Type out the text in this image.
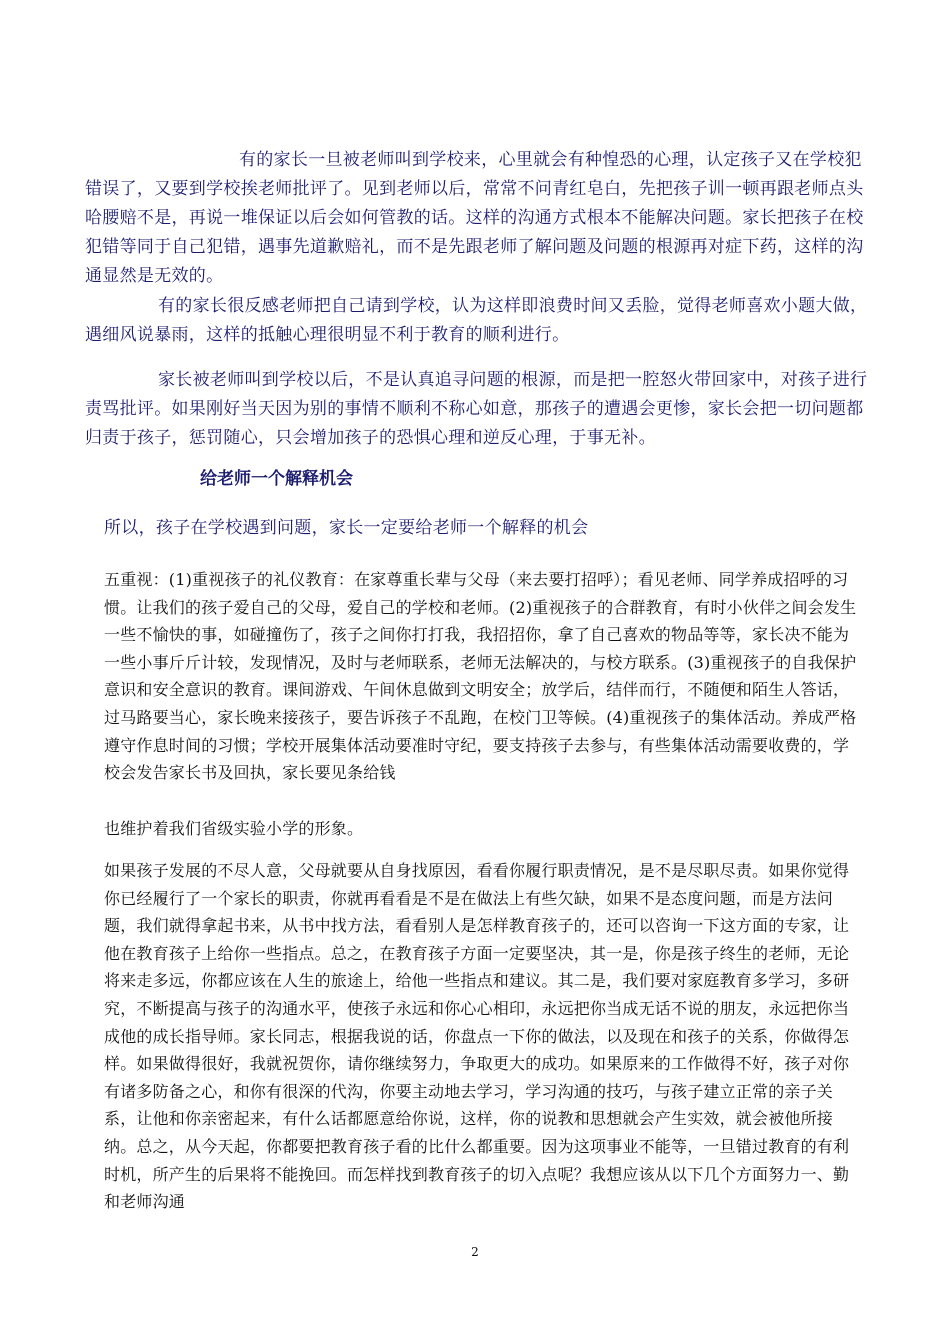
有的家长一旦被老师叫到学校来，心里就会有种惶恐的心理，认定孩子又在学校犯错误了，又要到学校挨老师批评了。见到老师以后，常常不问青红皂白，先把孩子训一顿再跟老师点头哈腰赔不是，再说一堆保证以后会如何管教的话。这样的沟通方式根本不能解决问题。家长把孩子在校犯错等同于自己犯错，遇事先道歉赔礼，而不是先跟老师了解问题及问题的根源再对症下药，这样的沟通显然是无效的。

有的家长很反感老师把自己请到学校，认为这样即浪费时间又丢脸，觉得老师喜欢小题大做，遇细风说暴雨，这样的抵触心理很明显不利于教育的顺利进行。

家长被老师叫到学校以后，不是认真追寻问题的根源，而是把一腔怒火带回家中，对孩子进行责骂批评。如果刚好当天因为别的事情不顺利不称心如意，那孩子的遭遇会更惨，家长会把一切问题都归责于孩子，惩罚随心，只会增加孩子的恐惧心理和逆反心理，于事无补。

给老师一个解释机会

所以，孩子在学校遇到问题，家长一定要给老师一个解释的机会

五重视：(1)重视孩子的礼仪教育：在家尊重长辈与父母（来去要打招呼）；看见老师、同学养成招呼的习惯。让我们的孩子爱自己的父母，爱自己的学校和老师。(2)重视孩子的合群教育，有时小伙伴之间会发生一些不愉快的事，如碰撞伤了，孩子之间你打打我，我招招你，拿了自己喜欢的物品等等，家长决不能为一些小事斤斤计较，发现情况，及时与老师联系，老师无法解决的，与校方联系。(3)重视孩子的自我保护意识和安全意识的教育。课间游戏、午间休息做到文明安全；放学后，结伴而行，不随便和陌生人答话，过马路要当心，家长晚来接孩子，要告诉孩子不乱跑，在校门卫等候。(4)重视孩子的集体活动。养成严格遵守作息时间的习惯；学校开展集体活动要准时守纪，要支持孩子去参与，有些集体活动需要收费的，学校会发告家长书及回执，家长要见条给钱

也维护着我们省级实验小学的形象。

如果孩子发展的不尽人意，父母就要从自身找原因，看看你履行职责情况，是不是尽职尽责。如果你觉得你已经履行了一个家长的职责，你就再看看是不是在做法上有些欠缺，如果不是态度问题，而是方法问题，我们就得拿起书来，从书中找方法，看看别人是怎样教育孩子的，还可以咨询一下这方面的专家，让他在教育孩子上给你一些指点。总之，在教育孩子方面一定要坚决，其一是，你是孩子终生的老师，无论将来走多远，你都应该在人生的旅途上，给他一些指点和建议。其二是，我们要对家庭教育多学习，多研究，不断提高与孩子的沟通水平，使孩子永远和你心心相印，永远把你当成无话不说的朋友，永远把你当成他的成长指导师。家长同志，根据我说的话，你盘点一下你的做法，以及现在和孩子的关系，你做得怎样。如果做得很好，我就祝贺你，请你继续努力，争取更大的成功。如果原来的工作做得不好，孩子对你有诸多防备之心，和你有很深的代沟，你要主动地去学习，学习沟通的技巧，与孩子建立正常的亲子关系，让他和你亲密起来，有什么话都愿意给你说，这样，你的说教和思想就会产生实效，就会被他所接纳。总之，从今天起，你都要把教育孩子看的比什么都重要。因为这项事业不能等，一旦错过教育的有利时机，所产生的后果将不能挽回。而怎样找到教育孩子的切入点呢？我想应该从以下几个方面努力一、勤和老师沟通

2
